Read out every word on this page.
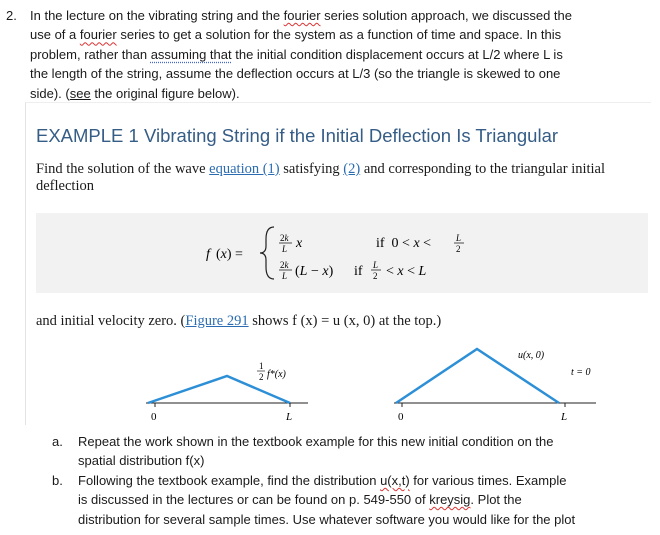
2. In the lecture on the vibrating string and the fourier series solution approach, we discussed the
use of a fourier series to get a solution for the system as a function of time and space. In this
problem, rather than assuming that the initial condition displacement occurs at L/2 where L is
the length of the string, assume the deflection occurs at L/3 (so the triangle is skewed to one
side). (see the original figure below).
EXAMPLE 1 Vibrating String if the Initial Deflection Is Triangular
Find the solution of the wave equation (1) satisfying (2) and corresponding to the triangular initial deflection
f (x) =
2k
L x	if  0 < x <	L
2
2k
L (L − x) if L
2 < x < L
and initial velocity zero. (Figure 291 shows f (x) = u (x, 0) at the top.)
0	L
1
2 f*(x)
0	L
u(x, 0)
t = 0
a. Repeat the work shown in the textbook example for this new initial condition on the
spatial distribution f(x)
b. Following the textbook example, find the distribution u(x,t) for various times. Example
is discussed in the lectures or can be found on p. 549-550 of kreysig. Plot the
distribution for several sample times. Use whatever software you would like for the plot
